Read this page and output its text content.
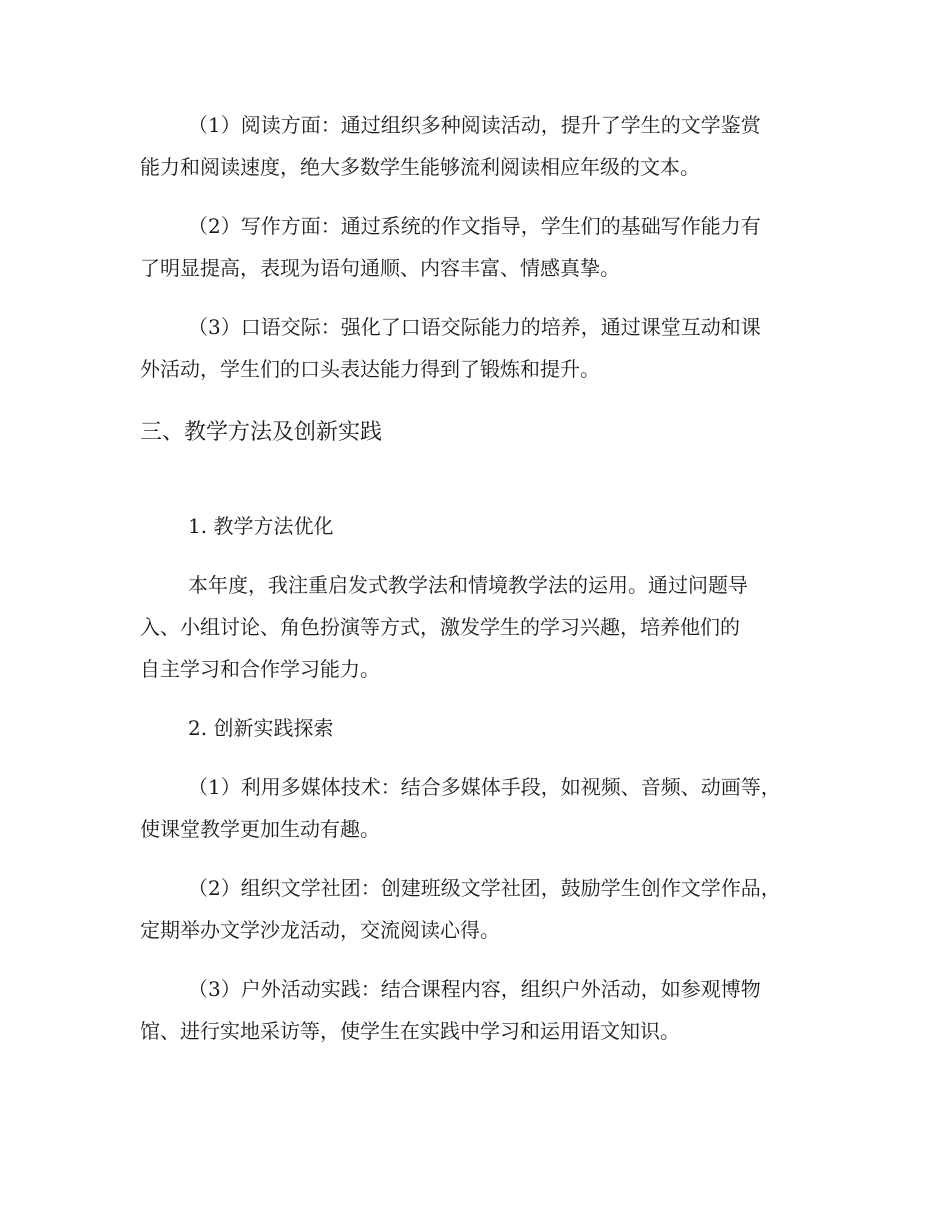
（1）阅读方面：通过组织多种阅读活动，提升了学生的文学鉴赏

能力和阅读速度，绝大多数学生能够流利阅读相应年级的文本。

（2）写作方面：通过系统的作文指导，学生们的基础写作能力有

了明显提高，表现为语句通顺、内容丰富、情感真挚。

（3）口语交际：强化了口语交际能力的培养，通过课堂互动和课

外活动，学生们的口头表达能力得到了锻炼和提升。

三、教学方法及创新实践

1. 教学方法优化

本年度，我注重启发式教学法和情境教学法的运用。通过问题导

入、小组讨论、角色扮演等方式，激发学生的学习兴趣，培养他们的

自主学习和合作学习能力。

2. 创新实践探索

（1）利用多媒体技术：结合多媒体手段，如视频、音频、动画等，

使课堂教学更加生动有趣。

（2）组织文学社团：创建班级文学社团，鼓励学生创作文学作品，

定期举办文学沙龙活动，交流阅读心得。

（3）户外活动实践：结合课程内容，组织户外活动，如参观博物

馆、进行实地采访等，使学生在实践中学习和运用语文知识。
